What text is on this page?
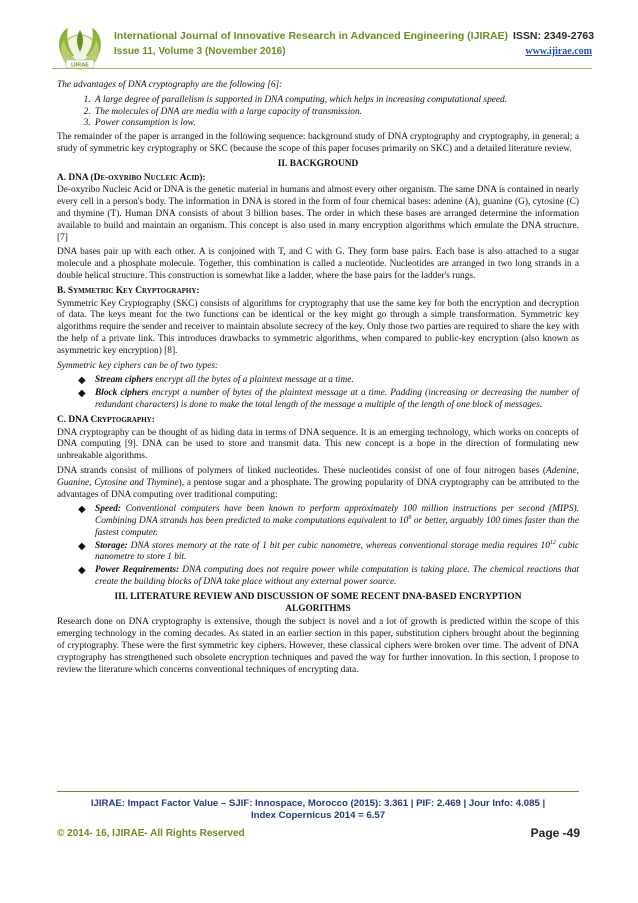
IJIRAE
International Journal of Innovative Research in Advanced Engineering (IJIRAE) ISSN: 2349-2763
Issue 11, Volume 3 (November 2016)	www.ijirae.com

The advantages of DNA cryptography are the following [6]:

1. A large degree of parallelism is supported in DNA computing, which helps in increasing computational speed.
2. The molecules of DNA are media with a large capacity of transmission.
3. Power consumption is low.

The remainder of the paper is arranged in the following sequence: background study of DNA cryptography and cryptography, in general; a study of symmetric key cryptography or SKC (because the scope of this paper focuses primarily on SKC) and a detailed literature review.

II. BACKGROUND
A. DNA (De-oxyribo Nucleic Acid):

De-oxyribo Nucleic Acid or DNA is the genetic material in humans and almost every other organism. The same DNA is contained in nearly every cell in a person's body. The information in DNA is stored in the form of four chemical bases: adenine (A), guanine (G), cytosine (C) and thymine (T). Human DNA consists of about 3 billion bases. The order in which these bases are arranged determine the information available to build and maintain an organism. This concept is also used in many encryption algorithms which emulate the DNA structure. [7]

DNA bases pair up with each other. A is conjoined with T, and C with G. They form base pairs. Each base is also attached to a sugar molecule and a phosphate molecule. Together, this combination is called a nucleotide. Nucleotides are arranged in two long strands in a double helical structure. This construction is somewhat like a ladder, where the base pairs for the ladder's rungs.

B. Symmetric Key Cryptography:

Symmetric Key Cryptography (SKC) consists of algorithms for cryptography that use the same key for both the encryption and decryption of data. The keys meant for the two functions can be identical or the key might go through a simple transformation. Symmetric key algorithms require the sender and receiver to maintain absolute secrecy of the key. Only those two parties are required to share the key with the help of a private link. This introduces drawbacks to symmetric algorithms, when compared to public-key encryption (also known as asymmetric key encryption) [8].

Symmetric key ciphers can be of two types:

◆ Stream ciphers encrypt all the bytes of a plaintext message at a time.
◆ Block ciphers encrypt a number of bytes of the plaintext message at a time. Padding (increasing or decreasing the number of redundant characters) is done to make the total length of the message a multiple of the length of one block of messages.
C. DNA Cryptography:

DNA cryptography can be thought of as hiding data in terms of DNA sequence. It is an emerging technology, which works on concepts of DNA computing [9]. DNA can be used to store and transmit data. This new concept is a hope in the direction of formulating new unbreakable algorithms.

DNA strands consist of millions of polymers of linked nucleotides. These nucleotides consist of one of four nitrogen bases (Adenine, Guanine, Cytosine and Thymine), a pentose sugar and a phosphate. The growing popularity of DNA cryptography can be attributed to the advantages of DNA computing over traditional computing:

◆ Speed: Conventional computers have been known to perform approximately 100 million instructions per second (MIPS). Combining DNA strands has been predicted to make computations equivalent to $10^9$ or better, arguably 100 times faster than the fastest computer.
◆ Storage: DNA stores memory at the rate of 1 bit per cubic nanometre, whereas conventional storage media requires $10^{12}$ cubic nanometre to store 1 bit.
◆ Power Requirements: DNA computing does not require power while computation is taking place. The chemical reactions that create the building blocks of DNA take place without any external power source.
III. LITERATURE REVIEW AND DISCUSSION OF SOME RECENT DNA-BASED ENCRYPTION
ALGORITHMS

Research done on DNA cryptography is extensive, though the subject is novel and a lot of growth is predicted within the scope of this emerging technology in the coming decades. As stated in an earlier section in this paper, substitution ciphers brought about the beginning of cryptography. These were the first symmetric key ciphers. However, these classical ciphers were broken over time. The advent of DNA cryptography has strengthened such obsolete encryption techniques and paved the way for further innovation. In this section, I propose to review the literature which concerns conventional techniques of encrypting data.

IJIRAE: Impact Factor Value – SJIF: Innospace, Morocco (2015): 3.361 | PIF: 2.469 | Jour Info: 4.085 |
Index Copernicus 2014 = 6.57
© 2014- 16, IJIRAE- All Rights Reserved	Page -49
